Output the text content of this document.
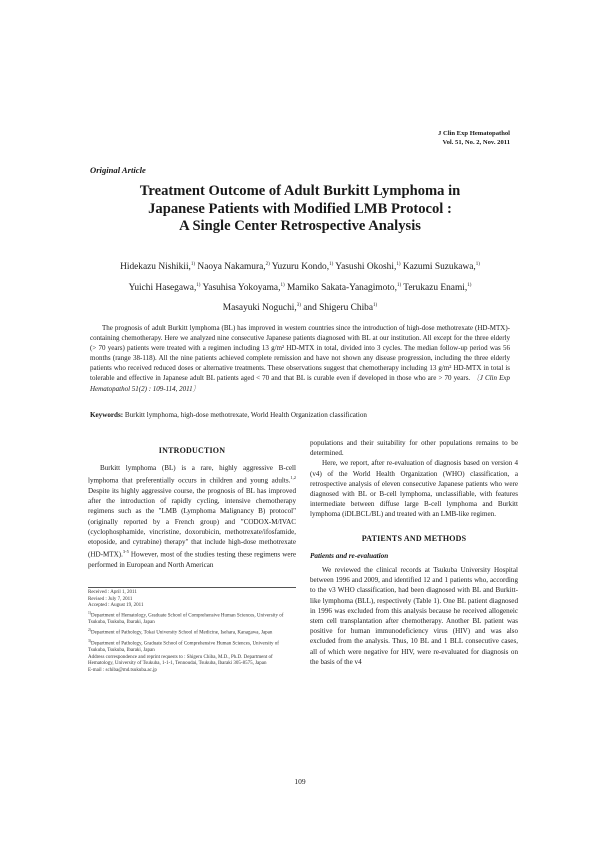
J Clin Exp Hematopathol
Vol. 51, No. 2, Nov. 2011
Original Article
Treatment Outcome of Adult Burkitt Lymphoma in
Japanese Patients with Modified LMB Protocol :
A Single Center Retrospective Analysis
Hidekazu Nishikii,$^{1)}$ Naoya Nakamura,$^{2)}$ Yuzuru Kondo,$^{1)}$ Yasushi Okoshi,$^{1)}$ Kazumi Suzukawa,$^{1)}$
Yuichi Hasegawa,$^{1)}$ Yasuhisa Yokoyama,$^{1)}$ Mamiko Sakata-Yanagimoto,$^{1)}$ Terukazu Enami,$^{1)}$
Masayuki Noguchi,$^{3)}$ and Shigeru Chiba$^{1)}$
The prognosis of adult Burkitt lymphoma (BL) has improved in western countries since the introduction of high-dose methotrexate (HD-MTX)-containing chemotherapy. Here we analyzed nine consecutive Japanese patients diagnosed with BL at our institution. All except for the three elderly (> 70 years) patients were treated with a regimen including 13 g/m² HD-MTX in total, divided into 3 cycles. The median follow-up period was 56 months (range 38-118). All the nine patients achieved complete remission and have not shown any disease progression, including the three elderly patients who received reduced doses or alternative treatments. These observations suggest that chemotherapy including 13 g/m² HD-MTX in total is tolerable and effective in Japanese adult BL patients aged < 70 and that BL is curable even if developed in those who are > 70 years. 〔J Clin Exp Hematopathol 51(2) : 109-114, 2011〕
Keywords: Burkitt lymphoma, high-dose methotrexate, World Health Organization classification
INTRODUCTION

Burkitt lymphoma (BL) is a rare, highly aggressive B-cell lymphoma that preferentially occurs in children and young adults.$^{1,2}$ Despite its highly aggressive course, the prognosis of BL has improved after the introduction of rapidly cycling, intensive chemotherapy regimens such as the "LMB (Lymphoma Malignancy B) protocol" (originally reported by a French group) and "CODOX-M/IVAC (cyclophosphamide, vincristine, doxorubicin, methotrexate/ifosfamide, etoposide, and cytrabine) therapy" that include high-dose methotrexate (HD-MTX).$^{3-5}$ However, most of the studies testing these regimens were performed in European and North American

Received : April 1, 2011
Revised : July 7, 2011
Accepted : August 19, 2011
$^{1)}$Department of Hematology, Graduate School of Comprehensive Human Sciences, University of Tsukuba, Tsukuba, Ibaraki, Japan
$^{2)}$Department of Pathology, Tokai University School of Medicine, Isehara, Kanagawa, Japan
$^{3)}$Department of Pathology, Graduate School of Comprehensive Human Sciences, University of Tsukuba, Tsukuba, Ibaraki, Japan
Address correspondence and reprint requests to : Shigeru Chiba, M.D., Ph.D. Department of Hematology, University of Tsukuba, 1-1-1, Tennoudai, Tsukuba, Ibaraki 305-8575, Japan
E-mail : schiba@md.tsukuba.ac.jp

populations and their suitability for other populations remains to be determined.

Here, we report, after re-evaluation of diagnosis based on version 4 (v4) of the World Health Organization (WHO) classification, a retrospective analysis of eleven consecutive Japanese patients who were diagnosed with BL or B-cell lymphoma, unclassifiable, with features intermediate between diffuse large B-cell lymphoma and Burkitt lymphoma (iDLBCL/BL) and treated with an LMB-like regimen.

PATIENTS AND METHODS
Patients and re-evaluation

We reviewed the clinical records at Tsukuba University Hospital between 1996 and 2009, and identified 12 and 1 patients who, according to the v3 WHO classification, had been diagnosed with BL and Burkitt-like lymphoma (BLL), respectively (Table 1). One BL patient diagnosed in 1996 was excluded from this analysis because he received allogeneic stem cell transplantation after chemotherapy. Another BL patient was positive for human immunodeficiency virus (HIV) and was also excluded from the analysis. Thus, 10 BL and 1 BLL consecutive cases, all of which were negative for HIV, were re-evaluated for diagnosis on the basis of the v4

109
